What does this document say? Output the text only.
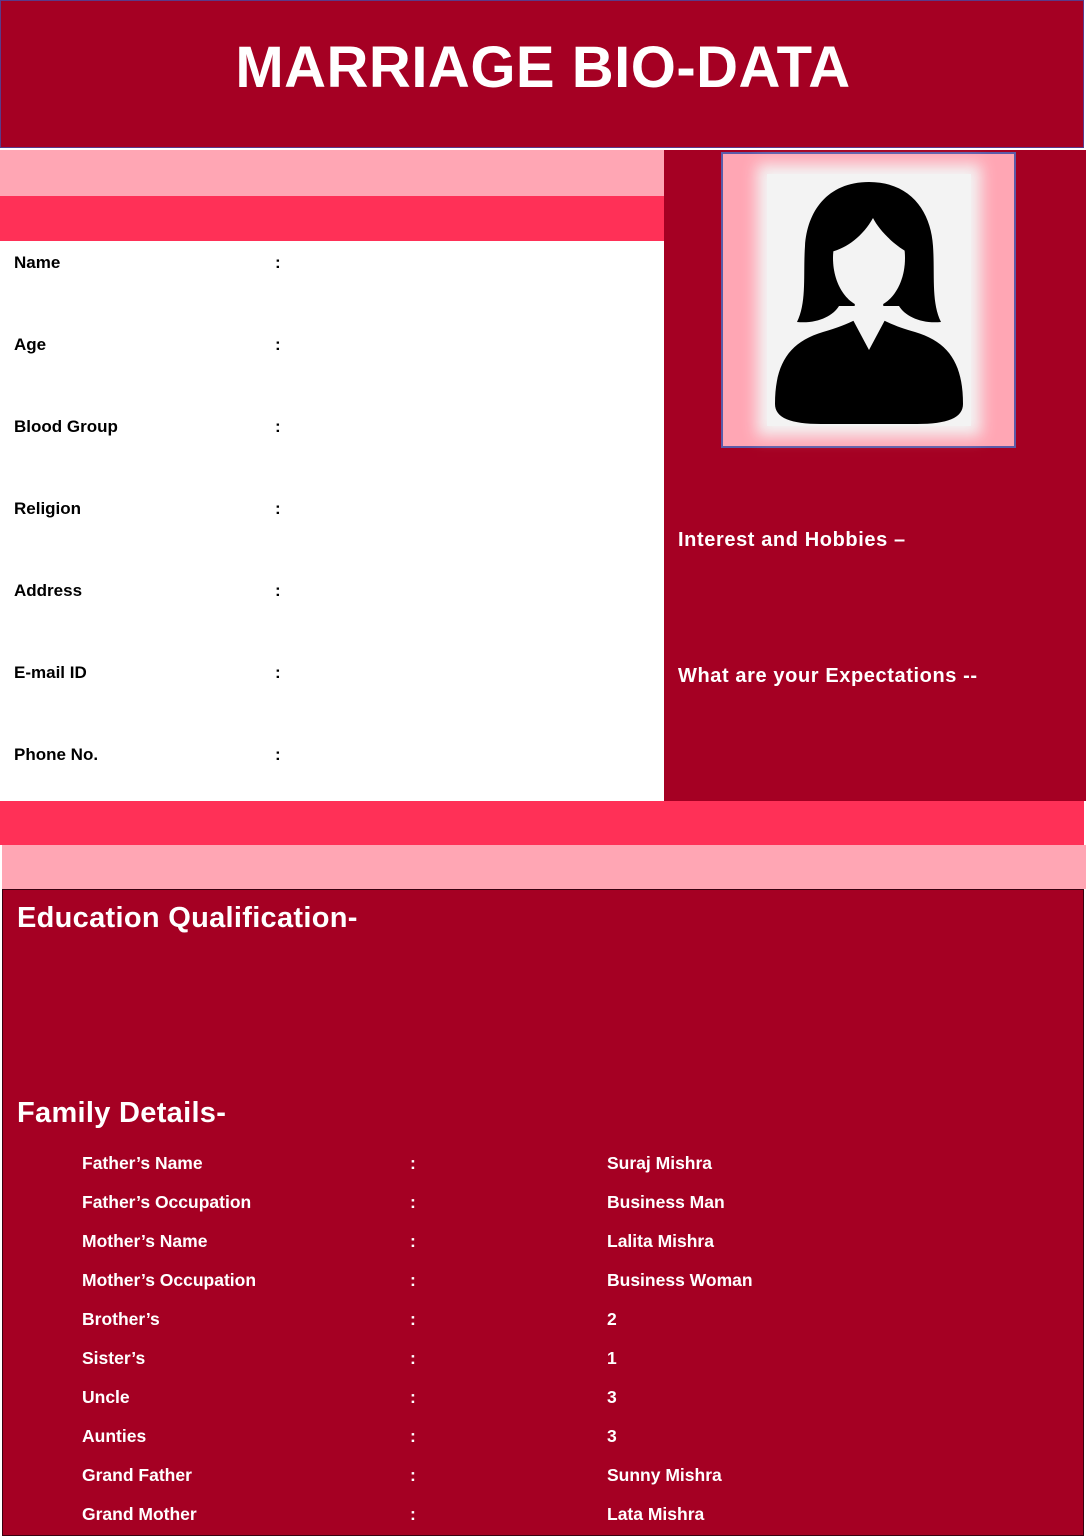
MARRIAGE BIO-DATA
Name	:
Age	:
Blood Group	:
Religion	:
Address	:
E-mail ID	:
Phone No.	:
Interest and Hobbies –
What are your Expectations --
Education Qualification-
Family Details-
Father’s Name	:	Suraj Mishra
Father’s Occupation	:	Business Man
Mother’s Name	:	Lalita Mishra
Mother’s Occupation	:	Business Woman
Brother’s	:	2
Sister’s	:	1
Uncle	:	3
Aunties	:	3
Grand Father	:	Sunny Mishra
Grand Mother	:	Lata Mishra
